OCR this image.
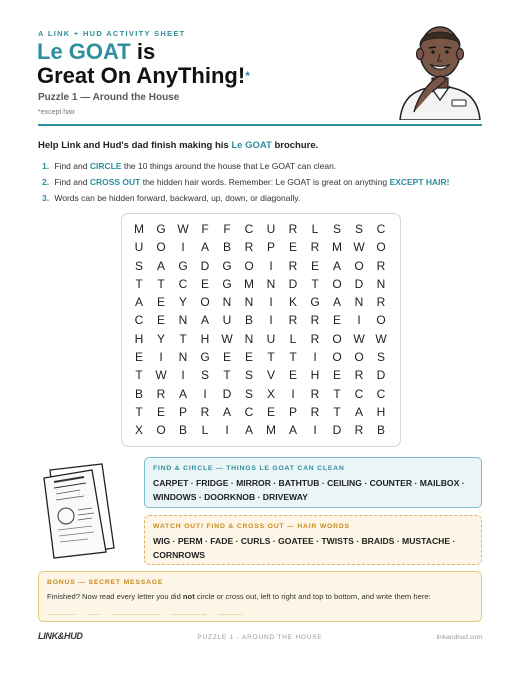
A LINK + HUD ACTIVITY SHEET
Le GOAT is
Great On AnyThing!*
Puzzle 1 — Around the House
*except hair
Help Link and Hud's dad finish making his Le GOAT brochure.
1. Find and CIRCLE the 10 things around the house that Le GOAT can clean.
2. Find and CROSS OUT the hidden hair words. Remember: Le GOAT is great on anything EXCEPT HAIR!
3. Words can be hidden forward, backward, up, down, or diagonally.
M	G W	F	F	C	U	R	L	S	S	C
U	O	I	A	B	R	P	E	R	M W O
S	A	G	D	G	O	I	R	E	A	O	R
T	T	C	E	G	M	N	D	T	O	D	N
A	E	Y	O	N	N	I	K	G	A	N	R
C	E	N	A	U	B	I	R	R	E	I	O
H	Y	T	H	W	N	U	L	R	O W W
E	I	N	G	E	E	T	T	I	O	O	S
T	W	I	S	T	S	V	E	H	E	R	D
B	R	A	I	D	S	X	I	R	T	C	C
T	E	P	R	A	C	E	P	R	T	A	H
X	O	B	L	I	A	M	A	I	D	R	B
FIND & CIRCLE — THINGS LE GOAT CAN CLEAN
CARPET · FRIDGE · MIRROR · BATHTUB · CEILING · COUNTER · MAILBOX · WINDOWS · DOORKNOB · DRIVEWAY
WATCH OUT! FIND & CROSS OUT — HAIR WORDS
WIG · PERM · FADE · CURLS · GOATEE · TWISTS · BRAIDS · MUSTACHE · CORNROWS
BONUS — SECRET MESSAGE
Finished? Now read every letter you did not circle or cross out, left to right and top to bottom, and write them here:
_____  __  ________  ______  ____
LINK&HUD	PUZZLE 1 · AROUND THE HOUSE	linkandhud.com
